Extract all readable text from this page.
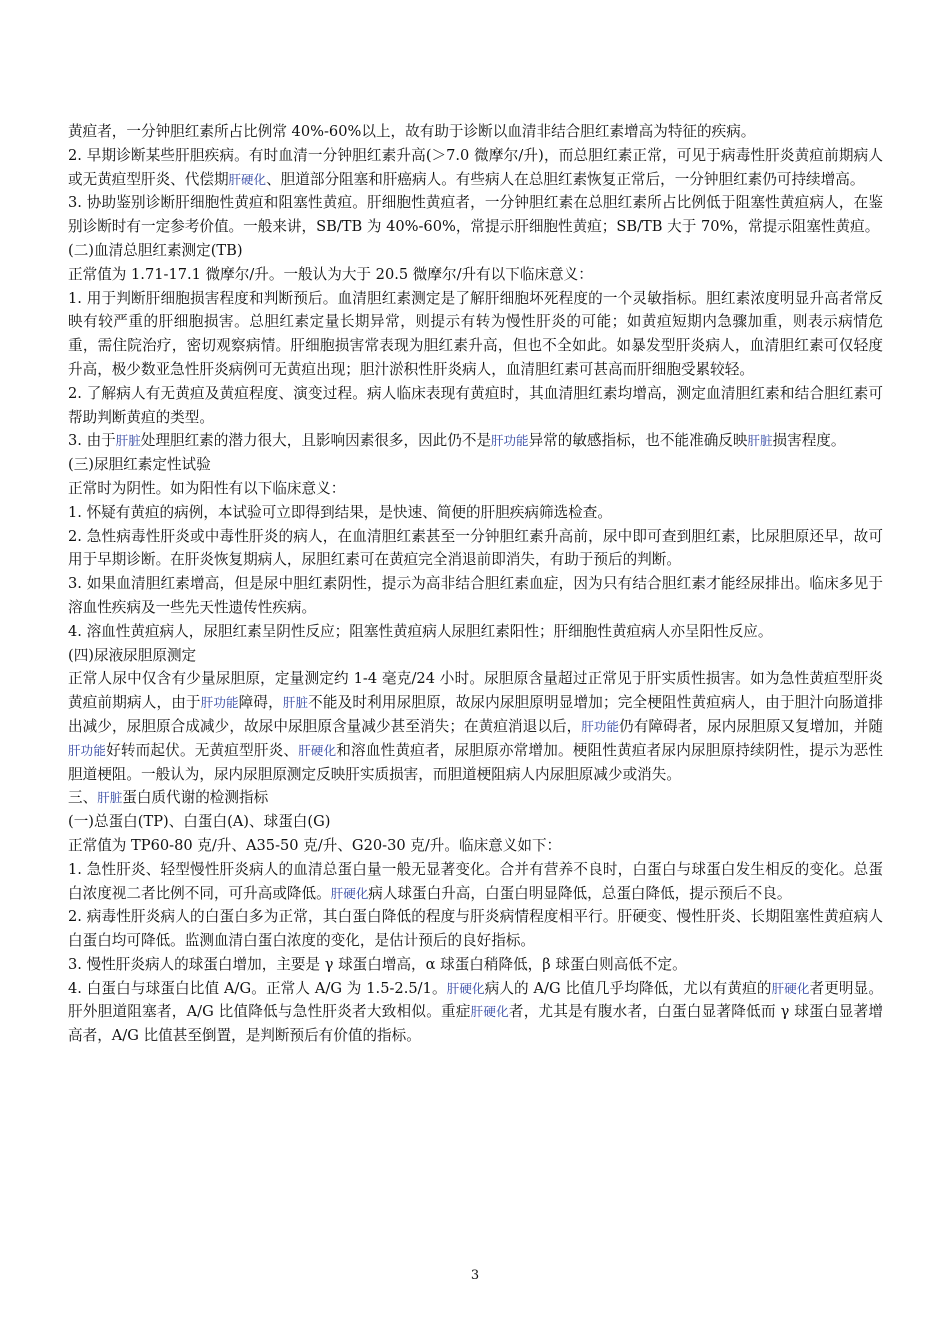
黄疸者，一分钟胆红素所占比例常 40%-60%以上，故有助于诊断以血清非结合胆红素增高为特征的疾病。

2. 早期诊断某些肝胆疾病。有时血清一分钟胆红素升高(＞7.0 微摩尔/升)，而总胆红素正常，可见于病毒性肝炎黄疸前期病人或无黄疸型肝炎、代偿期肝硬化、胆道部分阻塞和肝癌病人。有些病人在总胆红素恢复正常后，一分钟胆红素仍可持续增高。

3. 协助鉴别诊断肝细胞性黄疸和阻塞性黄疸。肝细胞性黄疸者，一分钟胆红素在总胆红素所占比例低于阻塞性黄疸病人，在鉴别诊断时有一定参考价值。一般来讲，SB/TB 为 40%-60%，常提示肝细胞性黄疸；SB/TB 大于 70%，常提示阻塞性黄疸。

(二)血清总胆红素测定(TB)

正常值为 1.71-17.1 微摩尔/升。一般认为大于 20.5 微摩尔/升有以下临床意义：

1. 用于判断肝细胞损害程度和判断预后。血清胆红素测定是了解肝细胞坏死程度的一个灵敏指标。胆红素浓度明显升高者常反映有较严重的肝细胞损害。总胆红素定量长期异常，则提示有转为慢性肝炎的可能；如黄疸短期内急骤加重，则表示病情危重，需住院治疗，密切观察病情。肝细胞损害常表现为胆红素升高，但也不全如此。如暴发型肝炎病人，血清胆红素可仅轻度升高，极少数亚急性肝炎病例可无黄疸出现；胆汁淤积性肝炎病人，血清胆红素可甚高而肝细胞受累较轻。

2. 了解病人有无黄疸及黄疸程度、演变过程。病人临床表现有黄疸时，其血清胆红素均增高，测定血清胆红素和结合胆红素可帮助判断黄疸的类型。

3. 由于肝脏处理胆红素的潜力很大，且影响因素很多，因此仍不是肝功能异常的敏感指标，也不能准确反映肝脏损害程度。

(三)尿胆红素定性试验

正常时为阴性。如为阳性有以下临床意义：

1. 怀疑有黄疸的病例，本试验可立即得到结果，是快速、简便的肝胆疾病筛选检查。

2. 急性病毒性肝炎或中毒性肝炎的病人，在血清胆红素甚至一分钟胆红素升高前，尿中即可查到胆红素，比尿胆原还早，故可用于早期诊断。在肝炎恢复期病人，尿胆红素可在黄疸完全消退前即消失，有助于预后的判断。

3. 如果血清胆红素增高，但是尿中胆红素阴性，提示为高非结合胆红素血症，因为只有结合胆红素才能经尿排出。临床多见于溶血性疾病及一些先天性遗传性疾病。

4. 溶血性黄疸病人，尿胆红素呈阴性反应；阻塞性黄疸病人尿胆红素阳性；肝细胞性黄疸病人亦呈阳性反应。

(四)尿液尿胆原测定

正常人尿中仅含有少量尿胆原，定量测定约 1-4 毫克/24 小时。尿胆原含量超过正常见于肝实质性损害。如为急性黄疸型肝炎黄疸前期病人，由于肝功能障碍，肝脏不能及时利用尿胆原，故尿内尿胆原明显增加；完全梗阻性黄疸病人，由于胆汁向肠道排出减少，尿胆原合成减少，故尿中尿胆原含量减少甚至消失；在黄疸消退以后，肝功能仍有障碍者，尿内尿胆原又复增加，并随肝功能好转而起伏。无黄疸型肝炎、肝硬化和溶血性黄疸者，尿胆原亦常增加。梗阻性黄疸者尿内尿胆原持续阴性，提示为恶性胆道梗阻。一般认为，尿内尿胆原测定反映肝实质损害，而胆道梗阻病人内尿胆原减少或消失。

三、肝脏蛋白质代谢的检测指标

(一)总蛋白(TP)、白蛋白(A)、球蛋白(G)

正常值为 TP60-80 克/升、A35-50 克/升、G20-30 克/升。临床意义如下：

1. 急性肝炎、轻型慢性肝炎病人的血清总蛋白量一般无显著变化。合并有营养不良时，白蛋白与球蛋白发生相反的变化。总蛋白浓度视二者比例不同，可升高或降低。肝硬化病人球蛋白升高，白蛋白明显降低，总蛋白降低，提示预后不良。

2. 病毒性肝炎病人的白蛋白多为正常，其白蛋白降低的程度与肝炎病情程度相平行。肝硬变、慢性肝炎、长期阻塞性黄疸病人白蛋白均可降低。监测血清白蛋白浓度的变化，是估计预后的良好指标。

3. 慢性肝炎病人的球蛋白增加，主要是 γ 球蛋白增高，α 球蛋白稍降低，β 球蛋白则高低不定。

4. 白蛋白与球蛋白比值 A/G。正常人 A/G 为 1.5-2.5/1。肝硬化病人的 A/G 比值几乎均降低，尤以有黄疸的肝硬化者更明显。肝外胆道阻塞者，A/G 比值降低与急性肝炎者大致相似。重症肝硬化者，尤其是有腹水者，白蛋白显著降低而 γ 球蛋白显著增高者，A/G 比值甚至倒置，是判断预后有价值的指标。

3
